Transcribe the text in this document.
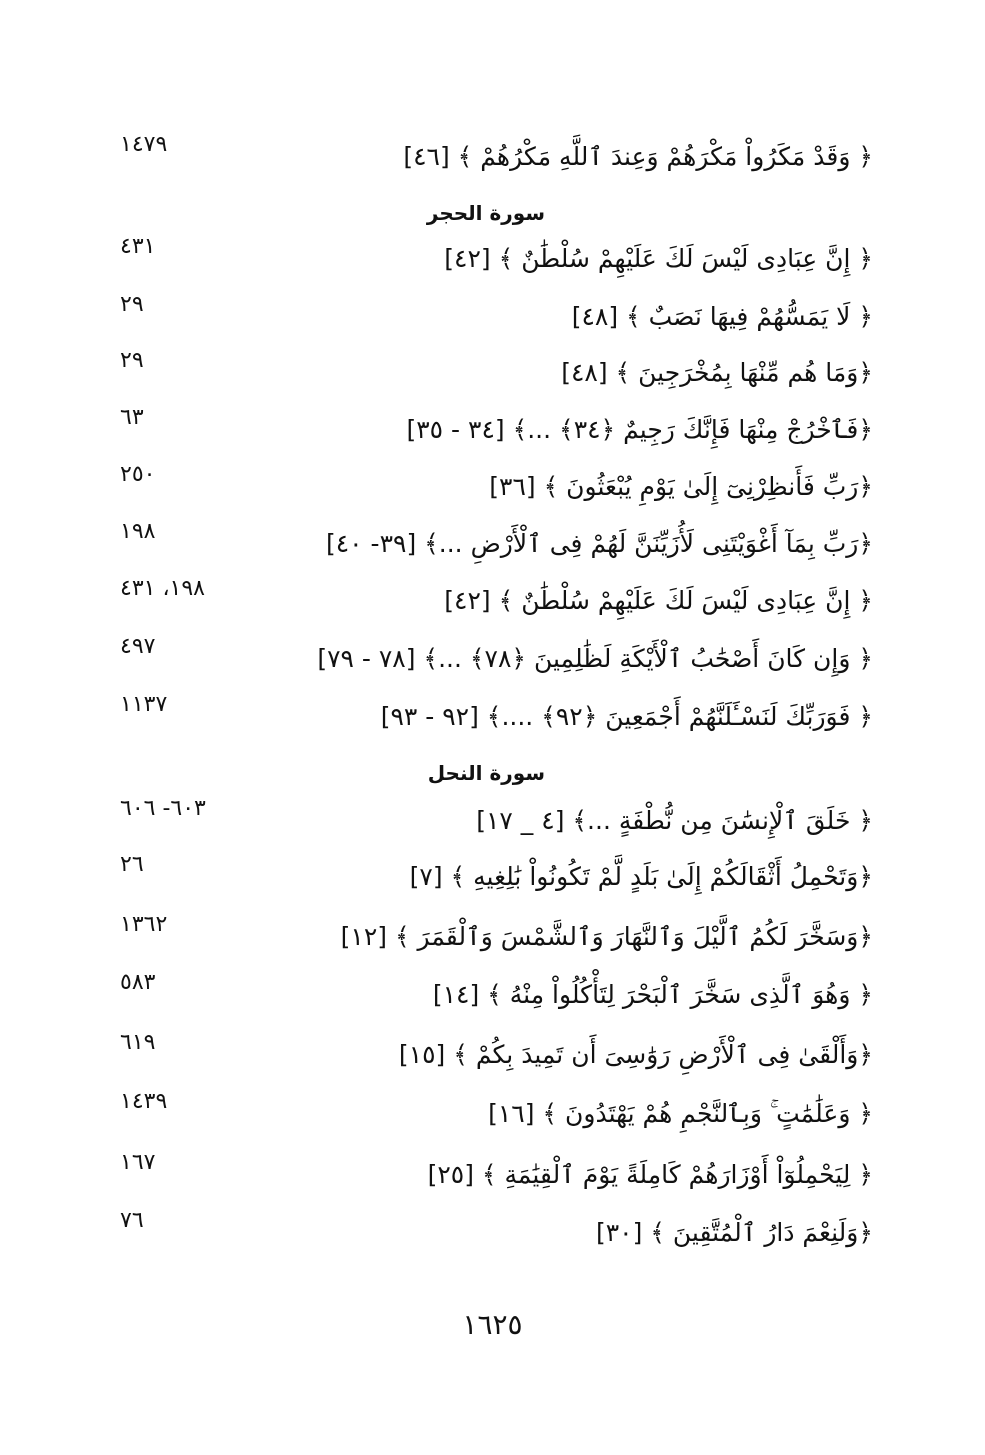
﴿ وَقَدْ مَكَرُواْ مَكْرَهُمْ وَعِندَ ٱللَّهِ مَكْرُهُمْ ﴾ [٤٦]
١٤٧٩
سورة الحجر
﴿ إِنَّ عِبَادِى لَيْسَ لَكَ عَلَيْهِمْ سُلْطَٰنٌ ﴾ [٤٢]
٤٣١
﴿ لَا يَمَسُّهُمْ فِيهَا نَصَبٌ ﴾ [٤٨]
٢٩
﴿وَمَا هُم مِّنْهَا بِمُخْرَجِينَ ﴾ [٤٨]
٢٩
﴿فَٱخْرُجْ مِنْهَا فَإِنَّكَ رَجِيمٌ ﴿٣٤﴾ ...﴾ [٣٤ - ٣٥]
٦٣
﴿رَبِّ فَأَنظِرْنِىٓ إِلَىٰ يَوْمِ يُبْعَثُونَ ﴾ [٣٦]
٢٥٠
﴿رَبِّ بِمَآ أَغْوَيْتَنِى لَأُزَيِّنَنَّ لَهُمْ فِى ٱلْأَرْضِ ...﴾ [٣٩- ٤٠]
١٩٨
﴿ إِنَّ عِبَادِى لَيْسَ لَكَ عَلَيْهِمْ سُلْطَٰنٌ ﴾ [٤٢]
١٩٨، ٤٣١
﴿ وَإِن كَانَ أَصْحَٰبُ ٱلْأَيْكَةِ لَظَٰلِمِينَ ﴿٧٨﴾ ...﴾ [٧٨ - ٧٩]
٤٩٧
﴿ فَوَرَبِّكَ لَنَسْـَٔلَنَّهُمْ أَجْمَعِينَ ﴿٩٢﴾ ....﴾ [٩٢ - ٩٣]
١١٣٧
سورة النحل
﴿ خَلَقَ ٱلْإِنسَٰنَ مِن نُّطْفَةٍ ...﴾ [٤ _ ١٧]
٦٠٣- ٦٠٦
﴿وَتَحْمِلُ أَثْقَالَكُمْ إِلَىٰ بَلَدٍ لَّمْ تَكُونُواْ بَٰلِغِيهِ ﴾ [٧]
٢٦
﴿وَسَخَّرَ لَكُمُ ٱلَّيْلَ وَٱلنَّهَارَ وَٱلشَّمْسَ وَٱلْقَمَرَ ﴾ [١٢]
١٣٦٢
﴿ وَهُوَ ٱلَّذِى سَخَّرَ ٱلْبَحْرَ لِتَأْكُلُواْ مِنْهُ ﴾ [١٤]
٥٨٣
﴿وَأَلْقَىٰ فِى ٱلْأَرْضِ رَوَٰسِىَ أَن تَمِيدَ بِكُمْ ﴾ [١٥]
٦١٩
﴿ وَعَلَٰمَٰتٍ ۚ وَبِٱلنَّجْمِ هُمْ يَهْتَدُونَ ﴾ [١٦]
١٤٣٩
﴿ لِيَحْمِلُوٓاْ أَوْزَارَهُمْ كَامِلَةً يَوْمَ ٱلْقِيَٰمَةِ ﴾ [٢٥]
١٦٧
﴿وَلَنِعْمَ دَارُ ٱلْمُتَّقِينَ ﴾ [٣٠]
٧٦
١٦٢٥
